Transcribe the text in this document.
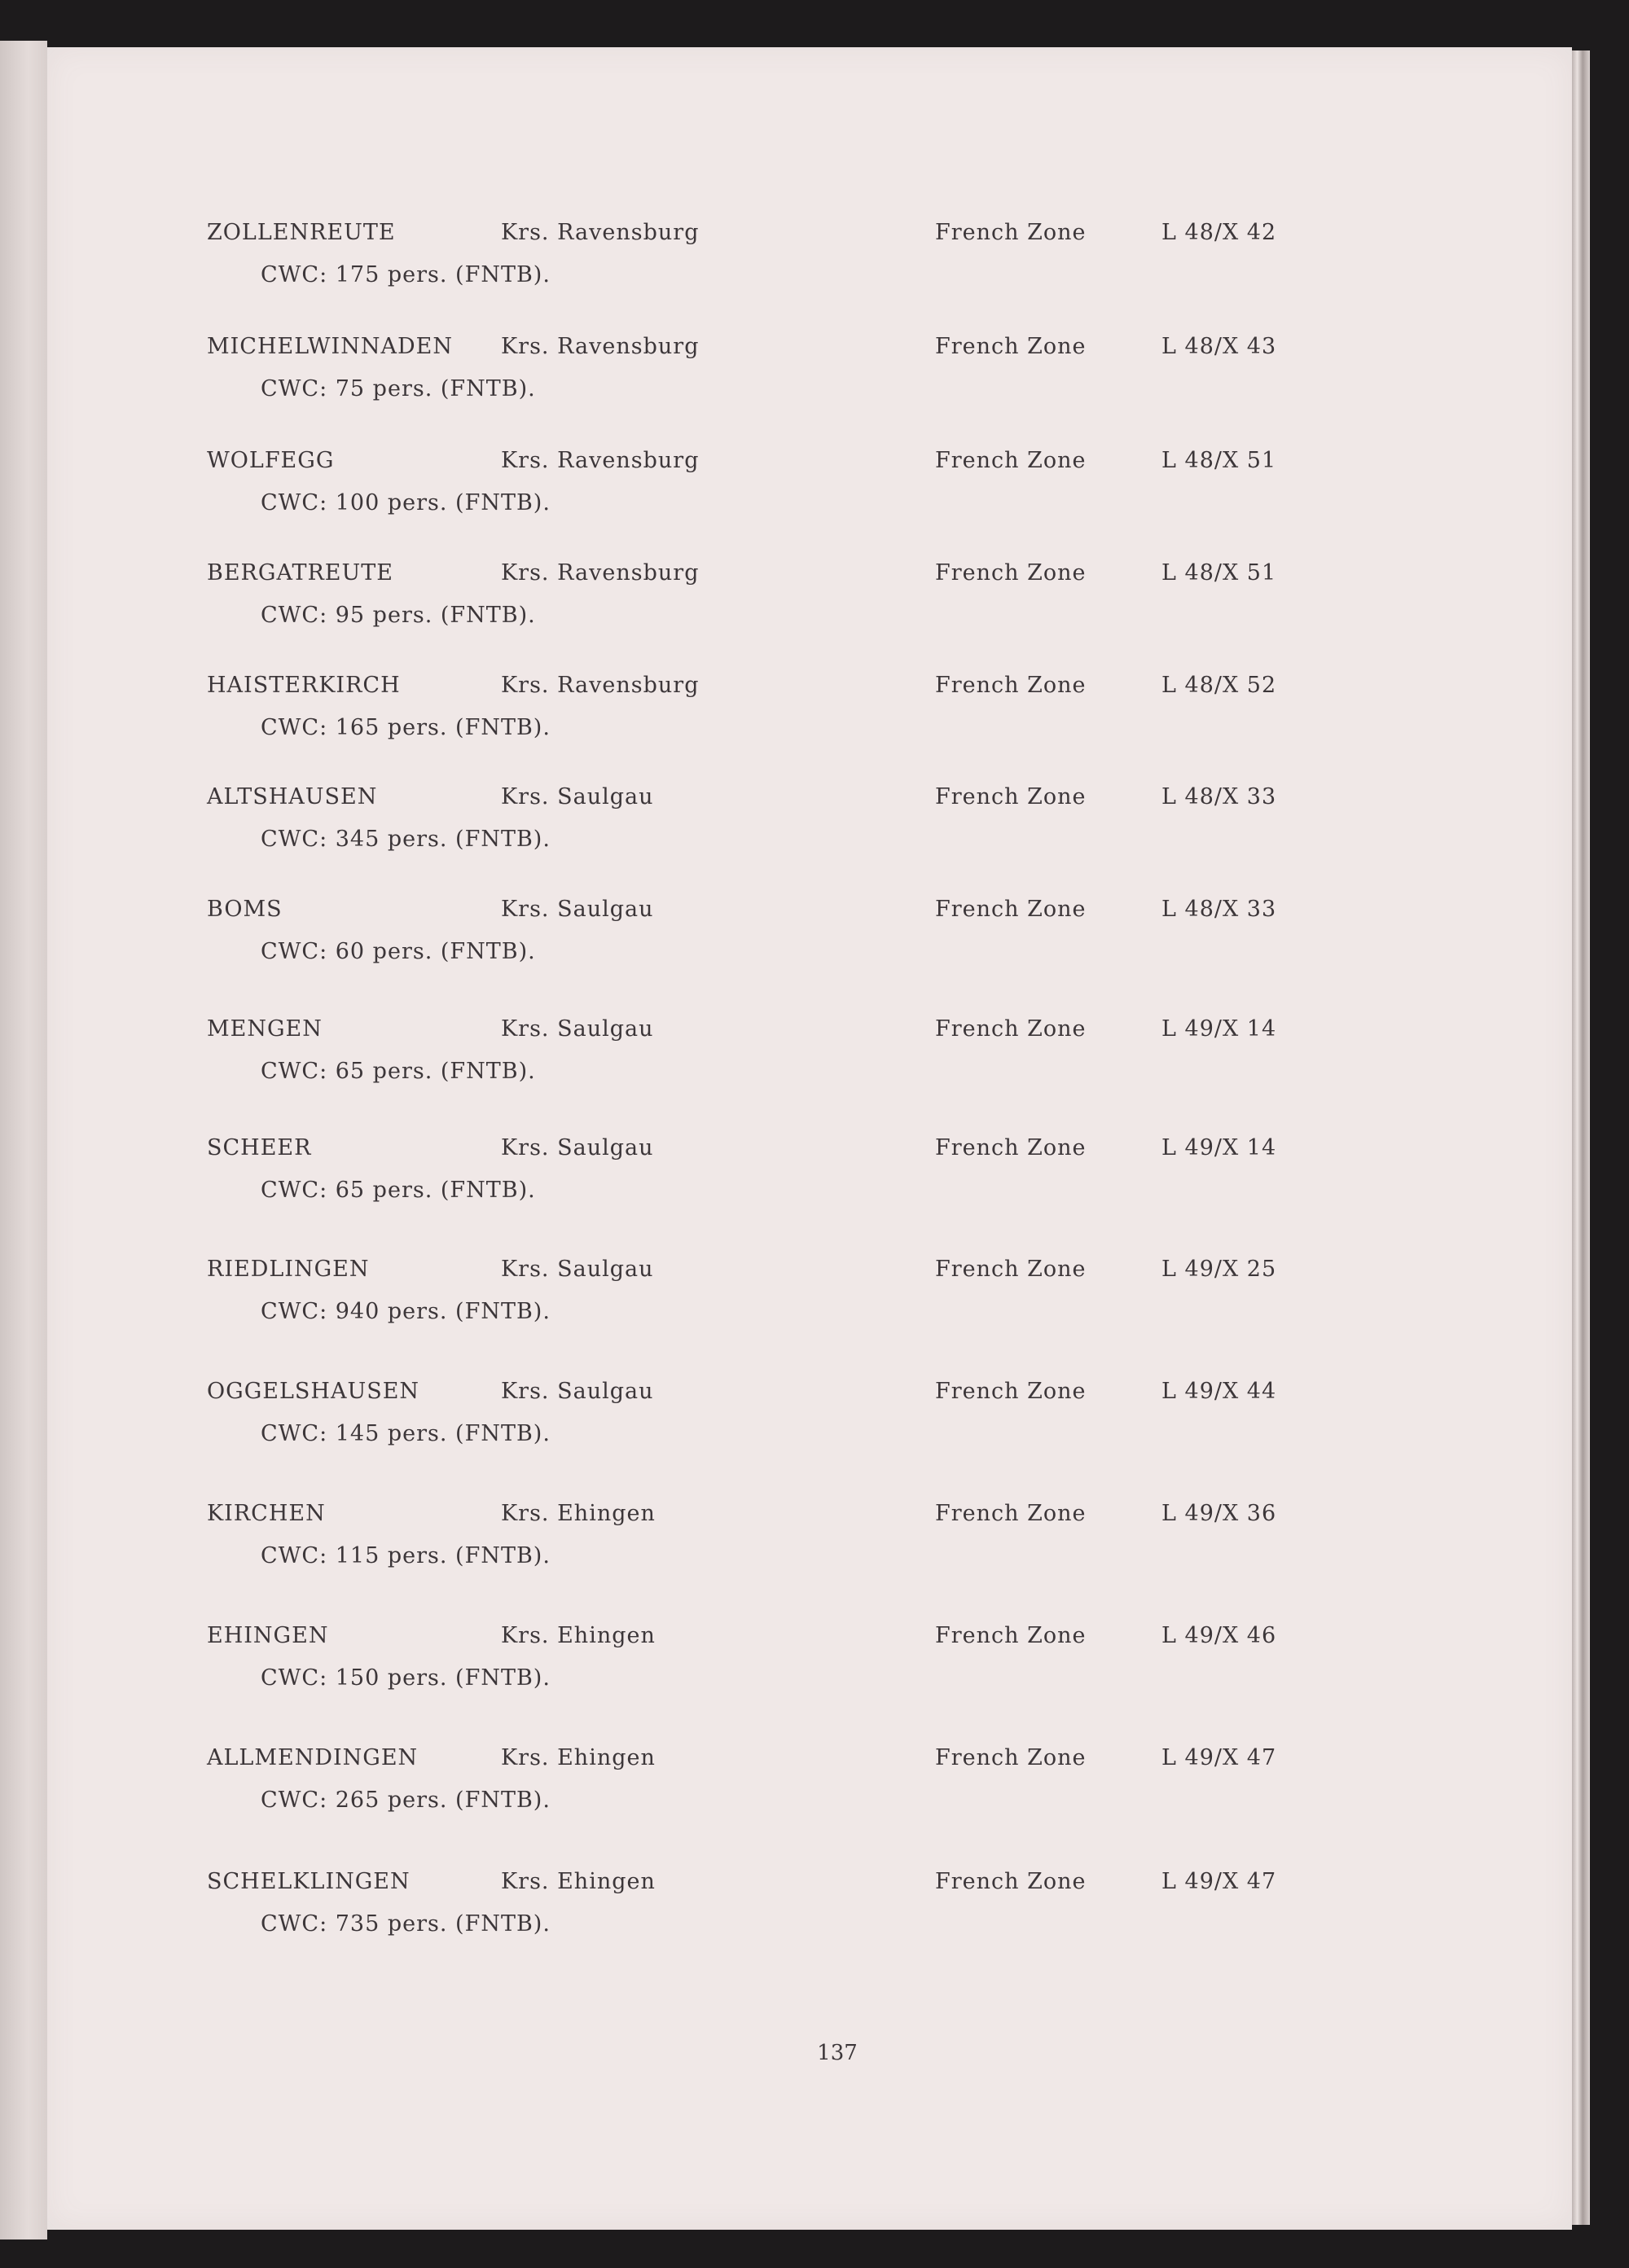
ZOLLENREUTE	Krs. Ravensburg	French Zone	L 48/X 42
CWC: 175 pers. (FNTB).
MICHELWINNADEN Krs. Ravensburg	French Zone	L 48/X 43
CWC: 75 pers. (FNTB).
WOLFEGG	Krs. Ravensburg	French Zone	L 48/X 51
CWC: 100 pers. (FNTB).
BERGATREUTE	Krs. Ravensburg	French Zone	L 48/X 51
CWC: 95 pers. (FNTB).
HAISTERKIRCH	Krs. Ravensburg	French Zone	L 48/X 52
CWC: 165 pers. (FNTB).
ALTSHAUSEN	Krs. Saulgau	French Zone	L 48/X 33
CWC: 345 pers. (FNTB).
BOMS	Krs. Saulgau	French Zone	L 48/X 33
CWC: 60 pers. (FNTB).
MENGEN	Krs. Saulgau	French Zone	L 49/X 14
CWC: 65 pers. (FNTB).
SCHEER	Krs. Saulgau	French Zone	L 49/X 14
CWC: 65 pers. (FNTB).
RIEDLINGEN	Krs. Saulgau	French Zone	L 49/X 25
CWC: 940 pers. (FNTB).
OGGELSHAUSEN	Krs. Saulgau	French Zone	L 49/X 44
CWC: 145 pers. (FNTB).
KIRCHEN	Krs. Ehingen	French Zone	L 49/X 36
CWC: 115 pers. (FNTB).
EHINGEN	Krs. Ehingen	French Zone	L 49/X 46
CWC: 150 pers. (FNTB).
ALLMENDINGEN	Krs. Ehingen	French Zone	L 49/X 47
CWC: 265 pers. (FNTB).
SCHELKLINGEN	Krs. Ehingen	French Zone	L 49/X 47
CWC: 735 pers. (FNTB).
137
